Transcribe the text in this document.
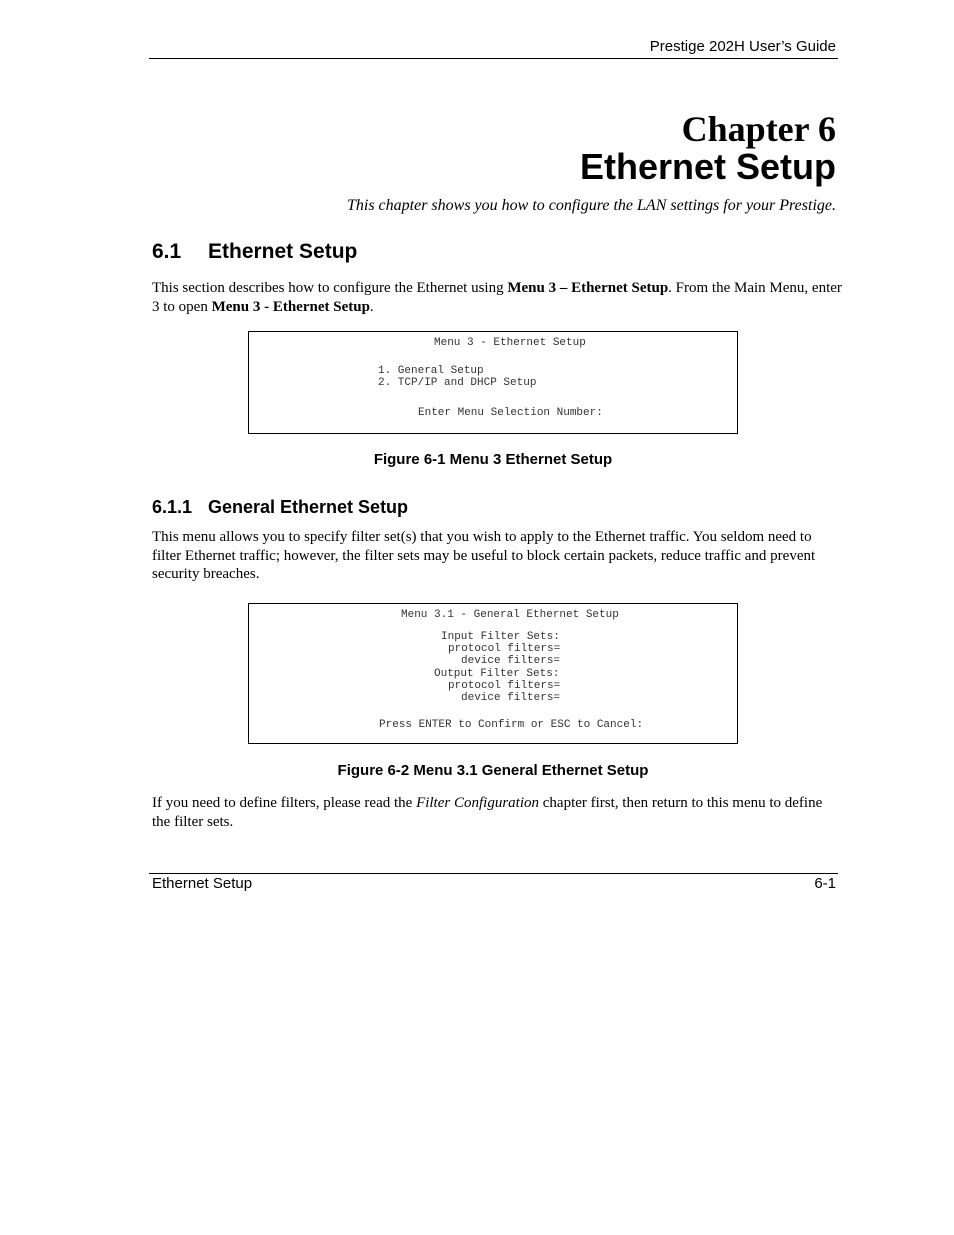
Prestige 202H User’s Guide
Chapter 6
Ethernet Setup
This chapter shows you how to configure the LAN settings for your Prestige.
6.1 Ethernet Setup
This section describes how to configure the Ethernet using Menu 3 – Ethernet Setup. From the Main Menu, enter 3 to open Menu 3 - Ethernet Setup.
Menu 3 - Ethernet Setup
1. General Setup
2. TCP/IP and DHCP Setup
Enter Menu Selection Number:
Figure 6-1 Menu 3 Ethernet Setup
6.1.1 General Ethernet Setup
This menu allows you to specify filter set(s) that you wish to apply to the Ethernet traffic. You seldom need to filter Ethernet traffic; however, the filter sets may be useful to block certain packets, reduce traffic and prevent security breaches.
Menu 3.1 - General Ethernet Setup
Input Filter Sets:
protocol filters=
device filters=
Output Filter Sets:
protocol filters=
device filters=
Press ENTER to Confirm or ESC to Cancel:
Figure 6-2 Menu 3.1 General Ethernet Setup
If you need to define filters, please read the Filter Configuration chapter first, then return to this menu to define the filter sets.
Ethernet Setup	6-1
